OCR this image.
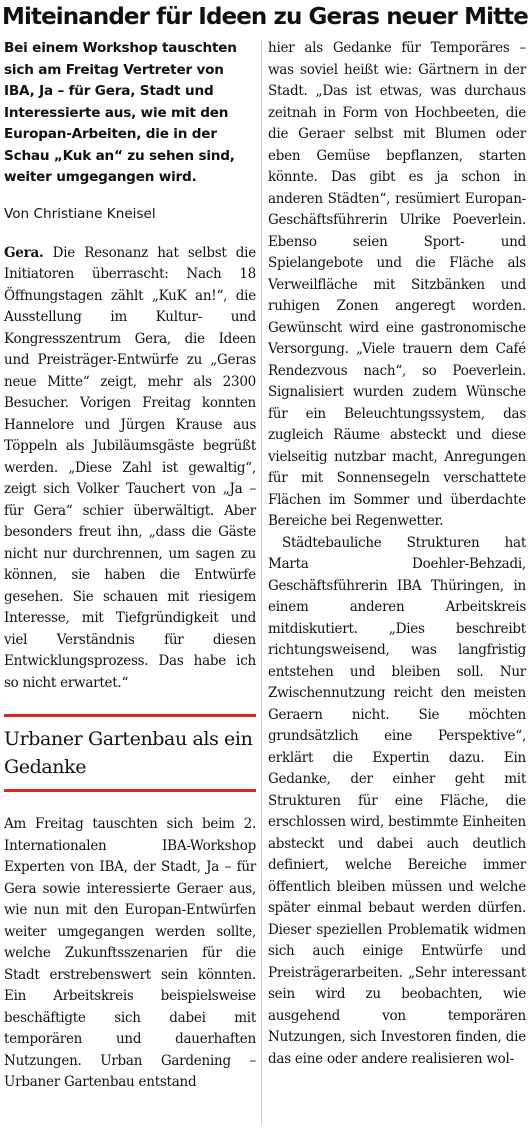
Miteinander für Ideen zu Geras neuer Mitte

Bei einem Workshop tauschten sich am Freitag Vertreter von IBA, Ja – für Gera, Stadt und Interessierte aus, wie mit den Europan-Arbeiten, die in der Schau „Kuk an“ zu sehen sind, weiter umgegangen wird.

Von Christiane Kneisel

Gera. Die Resonanz hat selbst die Initiatoren überrascht: Nach 18 Öffnungstagen zählt „KuK an!“, die Ausstellung im Kultur- und Kongresszentrum Gera, die Ideen und Preisträger-Entwürfe zu „Geras neue Mitte“ zeigt, mehr als 2300 Besucher. Vorigen Freitag konnten Hannelore und Jürgen Krause aus Töppeln als Jubiläumsgäste begrüßt werden. „Diese Zahl ist gewaltig“, zeigt sich Volker Tauchert von „Ja – für Gera“ schier überwältigt. Aber besonders freut ihn, „dass die Gäste nicht nur durchrennen, um sagen zu können, sie haben die Entwürfe gesehen. Sie schauen mit riesigem Interesse, mit Tiefgründigkeit und viel Verständnis für diesen Entwicklungsprozess. Das habe ich so nicht erwartet.“

Urbaner Gartenbau als ein Gedanke

Am Freitag tauschten sich beim 2. Internationalen IBA-Workshop Experten von IBA, der Stadt, Ja – für Gera sowie interessierte Geraer aus, wie nun mit den Europan-Entwürfen weiter umgegangen werden sollte, welche Zukunftsszenarien für die Stadt erstrebenswert sein könnten. Ein Arbeitskreis beispielsweise beschäftigte sich dabei mit temporären und dauerhaften Nutzungen. Urban Gardening – Urbaner Gartenbau entstand

hier als Gedanke für Temporäres – was soviel heißt wie: Gärtnern in der Stadt. „Das ist etwas, was durchaus zeitnah in Form von Hochbeeten, die die Geraer selbst mit Blumen oder eben Gemüse bepflanzen, starten könnte. Das gibt es ja schon in anderen Städten“, resümiert Europan-Geschäftsführerin Ulrike Poeverlein. Ebenso seien Sport- und Spielangebote und die Fläche als Verweilfläche mit Sitzbänken und ruhigen Zonen angeregt worden. Gewünscht wird eine gastronomische Versorgung. „Viele trauern dem Café Rendezvous nach“, so Poeverlein. Signalisiert wurden zudem Wünsche für ein Beleuchtungssystem, das zugleich Räume absteckt und diese vielseitig nutzbar macht, Anregungen für mit Sonnensegeln verschattete Flächen im Sommer und überdachte Bereiche bei Regenwetter.

Städtebauliche Strukturen hat Marta Doehler-Behzadi, Geschäftsführerin IBA Thüringen, in einem anderen Arbeitskreis mitdiskutiert. „Dies beschreibt richtungsweisend, was langfristig entstehen und bleiben soll. Nur Zwischennutzung reicht den meisten Geraern nicht. Sie möchten grundsätzlich eine Perspektive“, erklärt die Expertin dazu. Ein Gedanke, der einher geht mit Strukturen für eine Fläche, die erschlossen wird, bestimmte Einheiten absteckt und dabei auch deutlich definiert, welche Bereiche immer öffentlich bleiben müssen und welche später einmal bebaut werden dürfen. Dieser speziellen Problematik widmen sich auch einige Entwürfe und Preisträgerarbeiten. „Sehr interessant sein wird zu beobachten, wie ausgehend von temporären Nutzungen, sich Investoren finden, die das eine oder andere realisieren wol-
